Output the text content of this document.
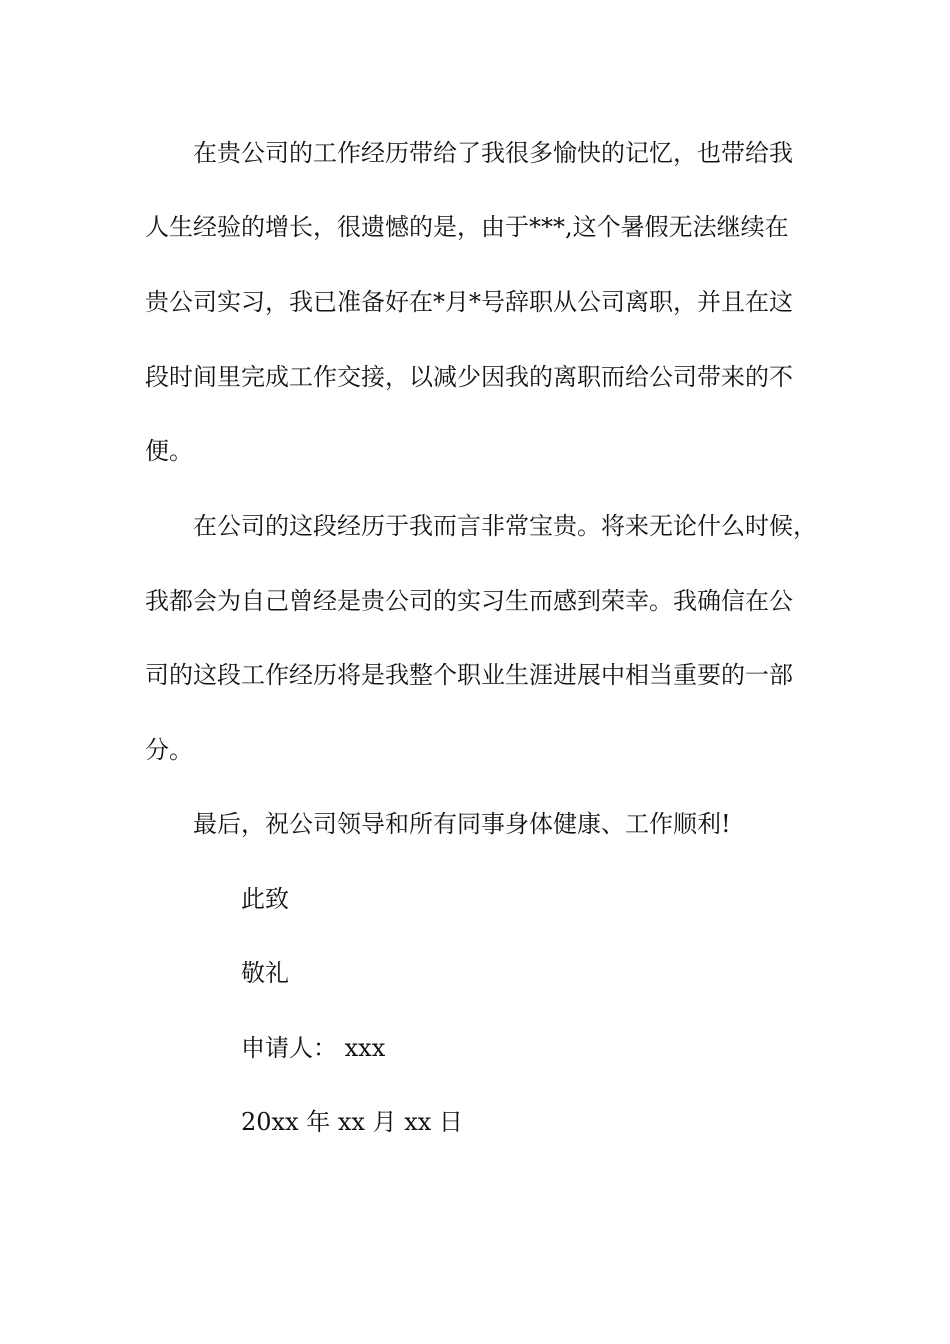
在贵公司的工作经历带给了我很多愉快的记忆，也带给我

人生经验的增长，很遗憾的是，由于***,这个暑假无法继续在

贵公司实习，我已准备好在*月*号辞职从公司离职，并且在这

段时间里完成工作交接，以减少因我的离职而给公司带来的不

便。

在公司的这段经历于我而言非常宝贵。将来无论什么时候，

我都会为自己曾经是贵公司的实习生而感到荣幸。我确信在公

司的这段工作经历将是我整个职业生涯进展中相当重要的一部

分。

最后，祝公司领导和所有同事身体健康、工作顺利!

此致

敬礼

申请人： xxx

20xx 年 xx 月 xx 日
